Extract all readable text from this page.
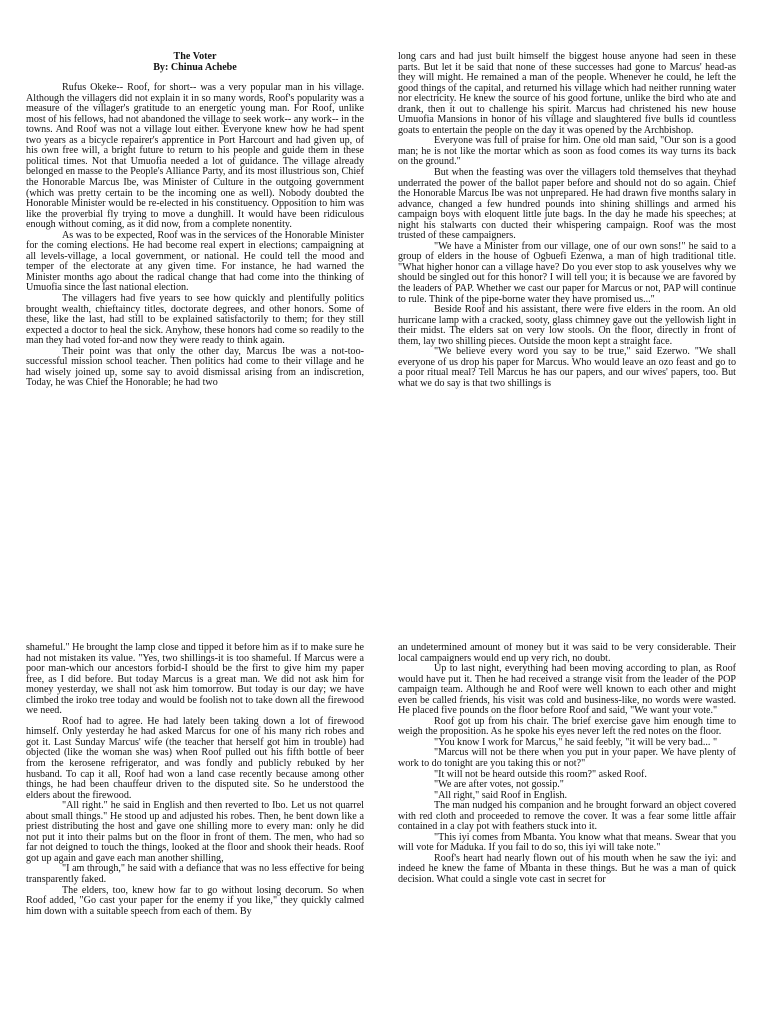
The Voter

By: Chinua Achebe

Rufus Okeke-- Roof, for short-- was a very popular man in his village. Although the villagers did not explain it in so many words, Roof's popularity was a measure of the villager's gratitude to an energetic young man. For Roof, unlike most of his fellows, had not abandoned the village to seek work-- any work-- in the towns. And Roof was not a village lout either. Everyone knew how he had spent two years as a bicycle repairer's apprentice in Port Harcourt and had given up, of his own free will, a bright future to return to his people and guide them in these political times. Not that Umuofia needed a lot of guidance. The village already belonged en masse to the People's Alliance Party, and its most illustrious son, Chief the Honorable Marcus Ibe, was Minister of Culture in the outgoing government (which was pretty certain to be the incoming one as well). Nobody doubted the Honorable Minister would be re-elected in his constituency. Opposition to him was like the proverbial fly trying to move a dunghill. It would have been ridiculous enough without coming, as it did now, from a complete nonentity.

As was to be expected, Roof was in the services of the Honorable Minister for the coming elections. He had become real expert in elections; campaigning at all levels-village, a local government, or national. He could tell the mood and temper of the electorate at any given time. For instance, he had warned the Minister months ago about the radical change that had come into the thinking of Umuofia since the last national election.

The villagers had five years to see how quickly and plentifully politics brought wealth, chieftaincy titles, doctorate degrees, and other honors. Some of these, like the last, had still to be explained satisfactorily to them; for they still expected a doctor to heal the sick. Anyhow, these honors had come so readily to the man they had voted for-and now they were ready to think again.

Their point was that only the other day, Marcus Ibe was a not-too-successful mission school teacher. Then politics had come to their village and he had wisely joined up, some say to avoid dismissal arising from an indiscretion, Today, he was Chief the Honorable; he had two

long cars and had just built himself the biggest house anyone had seen in these parts. But let it be said that none of these successes had gone to Marcus' head-as they will might. He remained a man of the people. Whenever he could, he left the good things of the capital, and returned his village which had neither running water nor electricity. He knew the source of his good fortune, unlike the bird who ate and drank, then it out to challenge his spirit. Marcus had christened his new house Umuofia Mansions in honor of his village and slaughtered five bulls id countless goats to entertain the people on the day it was opened by the Archbishop.

Everyone was full of praise for him. One old man said, "Our son is a good man; he is not like the mortar which as soon as food comes its way turns its back on the ground."

But when the feasting was over the villagers told themselves that theyhad underrated the power of the ballot paper before and should not do so again. Chief the Honorable Marcus Ibe was not unprepared. He had drawn five months salary in advance, changed a few hundred pounds into shining shillings and armed his campaign boys with eloquent little jute bags. In the day he made his speeches; at night his stalwarts con ducted their whispering campaign. Roof was the most trusted of these campaigners.

"We have a Minister from our village, one of our own sons!" he said to a group of elders in the house of Ogbuefi Ezenwa, a man of high traditional title. "What higher honor can a village have? Do you ever stop to ask youselves why we should be singled out for this honor? I will tell you; it is because we are favored by the leaders of PAP. Whether we cast our paper for Marcus or not, PAP will continue to rule. Think of the pipe-borne water they have promised us..."

Beside Roof and his assistant, there were five elders in the room. An old hurricane lamp with a cracked, sooty, glass chimney gave out the yellowish light in their midst. The elders sat on very low stools. On the floor, directly in front of them, lay two shilling pieces. Outside the moon kept a straight face.

"We believe every word you say to be true," said Ezerwo. "We shall everyone of us drop his paper for Marcus. Who would leave an ozo feast and go to a poor ritual meal? Tell Marcus he has our papers, and our wives' papers, too. But what we do say is that two shillings is

shameful." He brought the lamp close and tipped it before him as if to make sure he had not mistaken its value. "Yes, two shillings-it is too shameful. If Marcus were a poor man-which our ancestors forbid-I should be the first to give him my paper free, as I did before. But today Marcus is a great man. We did not ask him for money yesterday, we shall not ask him tomorrow. But today is our day; we have climbed the iroko tree today and would be foolish not to take down all the firewood we need.

Roof had to agree. He had lately been taking down a lot of firewood himself. Only yesterday he had asked Marcus for one of his many rich robes and got it. Last Sunday Marcus' wife (the teacher that herself got him in trouble) had objected (like the woman she was) when Roof pulled out his fifth bottle of beer from the kerosene refrigerator, and was fondly and publicly rebuked by her husband. To cap it all, Roof had won a land case recently because among other things, he had been chauffeur driven to the disputed site. So he understood the elders about the firewood.

"All right." he said in English and then reverted to Ibo. Let us not quarrel about small things." He stood up and adjusted his robes. Then, he bent down like a priest distributing the host and gave one shilling more to every man: only he did not put it into their palms but on the floor in front of them. The men, who had so far not deigned to touch the things, looked at the floor and shook their heads. Roof got up again and gave each man another shilling,

"I am through," he said with a defiance that was no less effective for being transparently faked.

The elders, too, knew how far to go without losing decorum. So when Roof added, "Go cast your paper for the enemy if you like," they quickly calmed him down with a suitable speech from each of them. By

an undetermined amount of money but it was said to be very considerable. Their local campaigners would end up very rich, no doubt.

Up to last night, everything had been moving according to plan, as Roof would have put it. Then he had received a strange visit from the leader of the POP campaign team. Although he and Roof were well known to each other and might even be called friends, his visit was cold and business-like, no words were wasted. He placed five pounds on the floor before Roof and said, "We want your vote."

Roof got up from his chair. The brief exercise gave him enough time to weigh the proposition. As he spoke his eyes never left the red notes on the floor.

"You know I work for Marcus," he said feebly, "it will be very bad... "

"Marcus will not be there when you put in your paper. We have plenty of work to do tonight are you taking this or not?"

"It will not be heard outside this room?" asked Roof.

"We are after votes, not gossip."

"All right," said Roof in English.

The man nudged his companion and he brought forward an object covered with red cloth and proceeded to remove the cover. It was a fear some little affair contained in a clay pot with feathers stuck into it.

"This iyi comes from Mbanta. You know what that means. Swear that you will vote for Maduka. If you fail to do so, this iyi will take note."

Roof's heart had nearly flown out of his mouth when he saw the iyi: and indeed he knew the fame of Mbanta in these things. But he was a man of quick decision. What could a single vote cast in secret for
